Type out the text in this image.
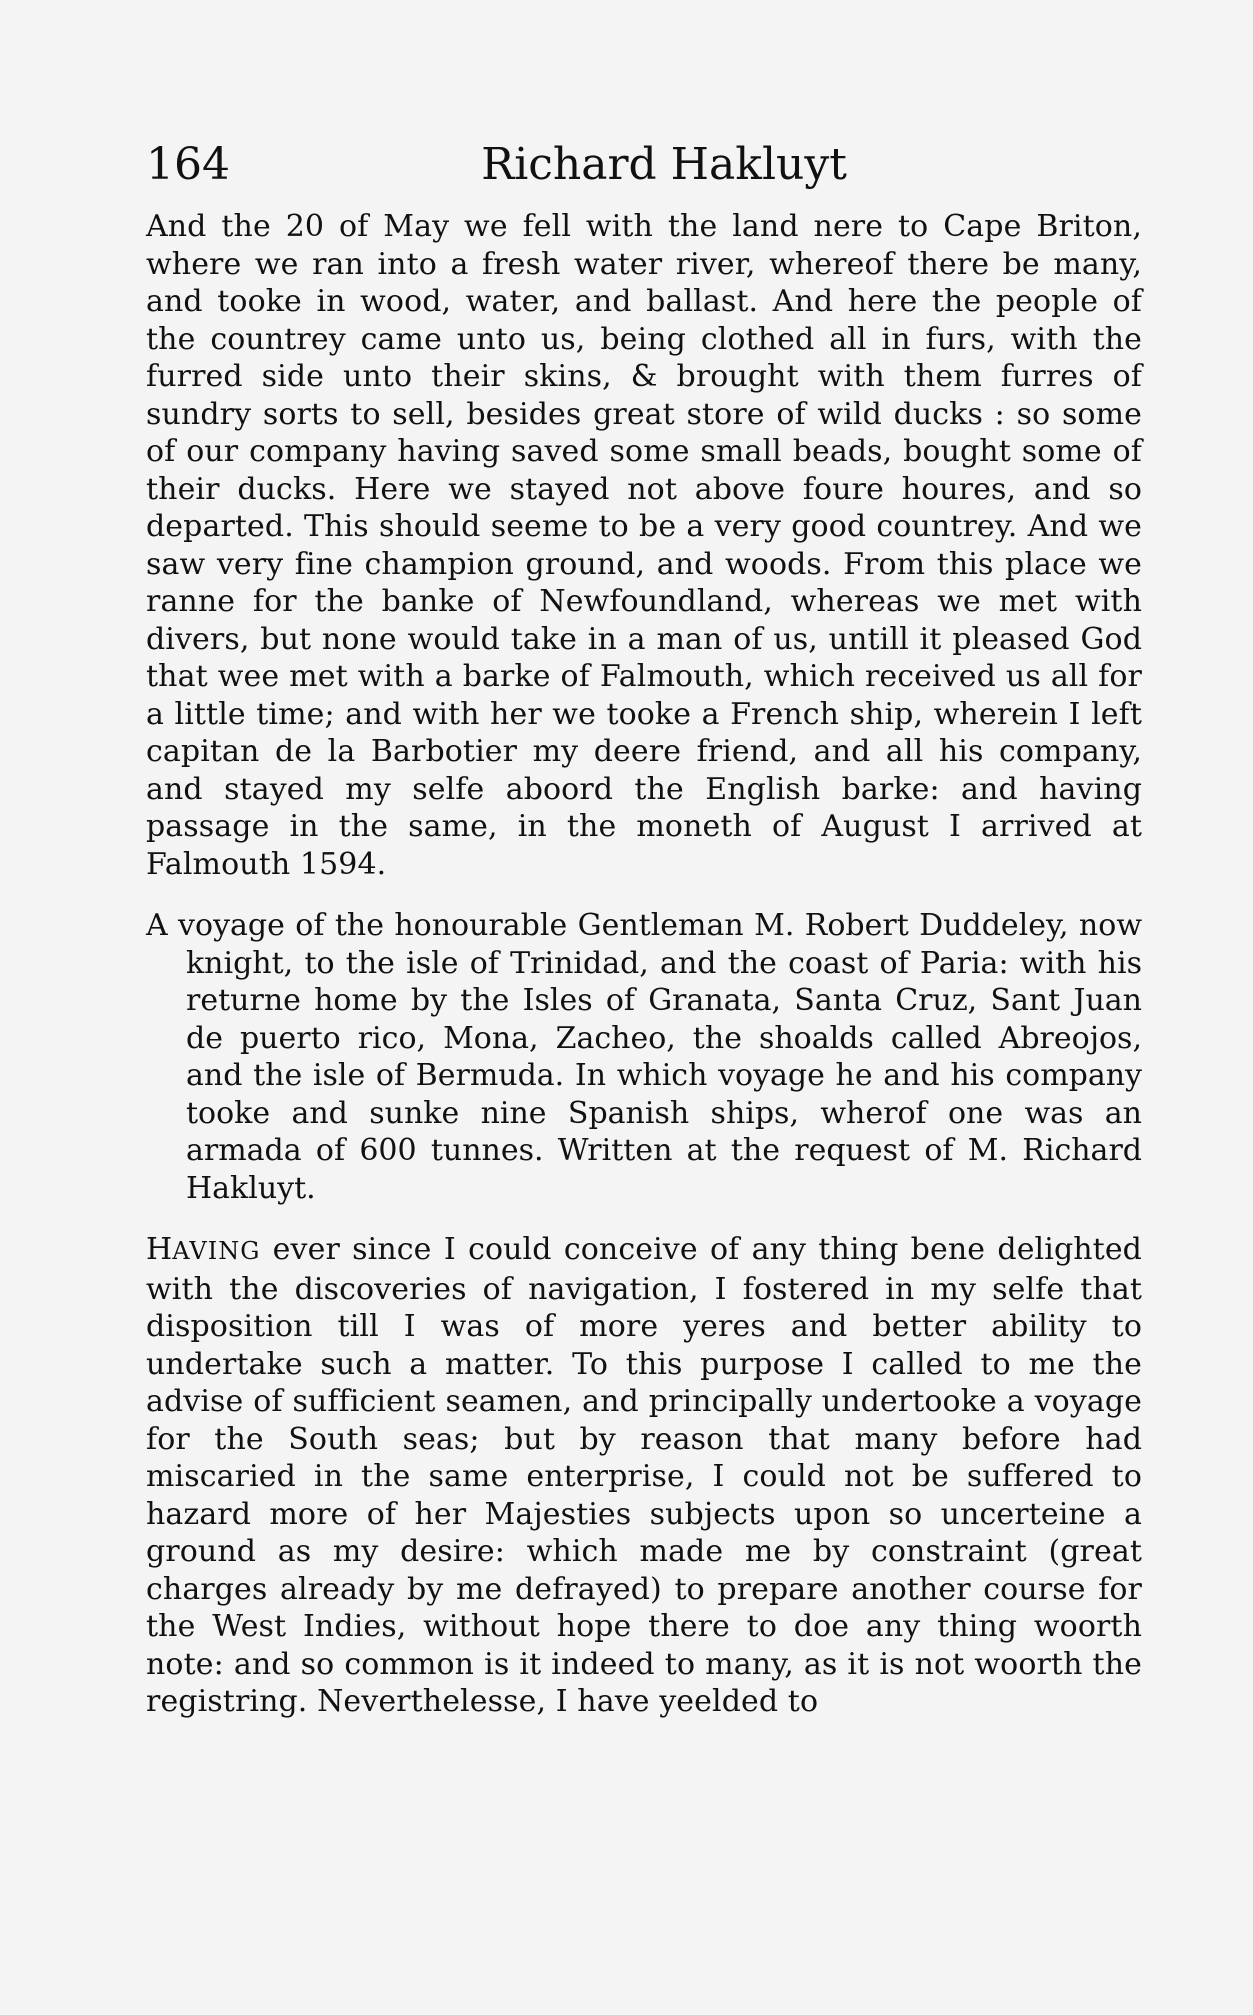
164	Richard Hakluyt

And the 20 of May we fell with the land nere to Cape Briton, where we ran into a fresh water river, whereof there be many, and tooke in wood, water, and ballast. And here the people of the countrey came unto us, being clothed all in furs, with the furred side unto their skins, & brought with them furres of sundry sorts to sell, besides great store of wild ducks : so some of our company having saved some small beads, bought some of their ducks. Here we stayed not above foure houres, and so departed. This should seeme to be a very good countrey. And we saw very fine champion ground, and woods. From this place we ranne for the banke of Newfoundland, whereas we met with divers, but none would take in a man of us, untill it pleased God that wee met with a barke of Falmouth, which received us all for a little time; and with her we tooke a French ship, wherein I left capitan de la Barbotier my deere friend, and all his company, and stayed my selfe aboord the English barke: and having passage in the same, in the moneth of August I arrived at Falmouth 1594.

A voyage of the honourable Gentleman M. Robert Duddeley, now knight, to the isle of Trinidad, and the coast of Paria: with his returne home by the Isles of Granata, Santa Cruz, Sant Juan de puerto rico, Mona, Zacheo, the shoalds called Abreojos, and the isle of Bermuda. In which voyage he and his company tooke and sunke nine Spanish ships, wherof one was an armada of 600 tunnes. Written at the request of M. Richard Hakluyt.

HAVING ever since I could conceive of any thing bene delighted with the discoveries of navigation, I fostered in my selfe that disposition till I was of more yeres and better ability to undertake such a matter. To this purpose I called to me the advise of sufficient seamen, and principally undertooke a voyage for the South seas; but by reason that many before had miscaried in the same enterprise, I could not be suffered to hazard more of her Majesties subjects upon so uncerteine a ground as my desire: which made me by constraint (great charges already by me defrayed) to prepare another course for the West Indies, without hope there to doe any thing woorth note: and so common is it indeed to many, as it is not woorth the registring. Neverthelesse, I have yeelded to
